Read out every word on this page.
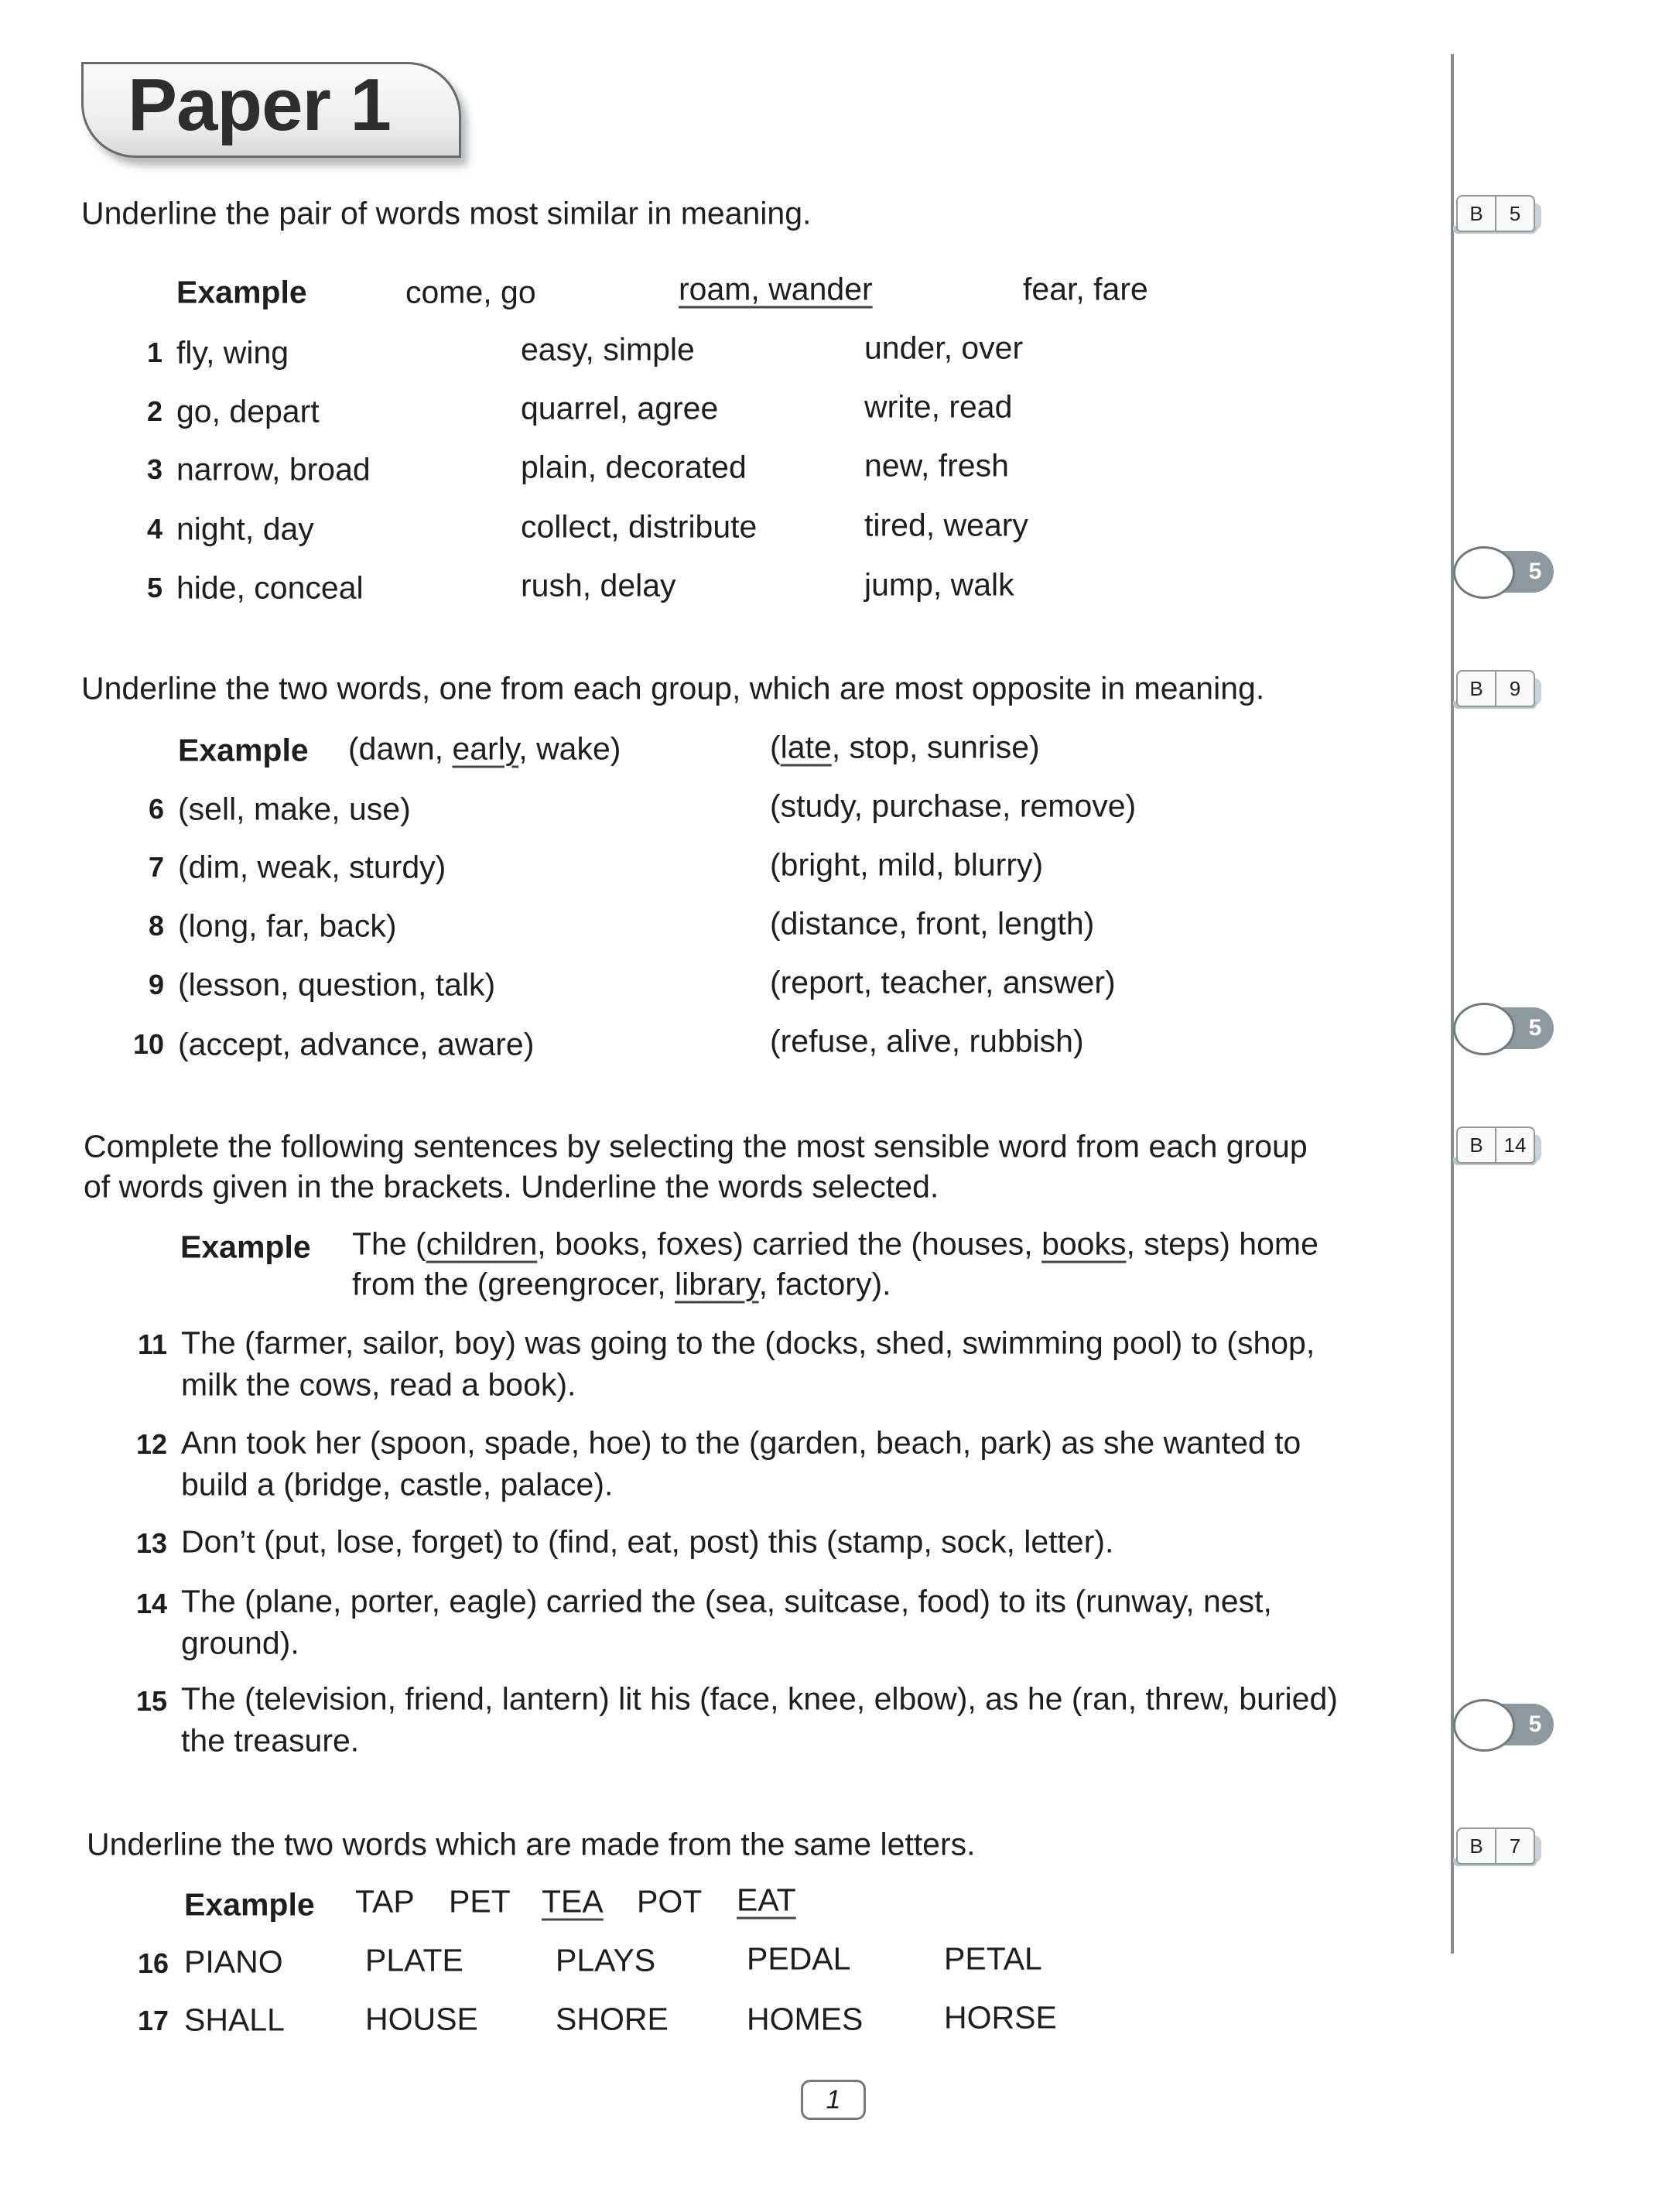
Paper 1
Underline the pair of words most similar in meaning.
Example	come, go	roam, wander	fear, fare
1 fly, wing	easy, simple	under, over
2 go, depart	quarrel, agree	write, read
3 narrow, broad	plain, decorated	new, fresh
4 night, day	collect, distribute	tired, weary
5 hide, conceal	rush, delay	jump, walk
B	5
5
Underline the two words, one from each group, which are most opposite in meaning.
Example (dawn, early, wake)	(late, stop, sunrise)
6 (sell, make, use)	(study, purchase, remove)
7 (dim, weak, sturdy)	(bright, mild, blurry)
8 (long, far, back)	(distance, front, length)
9 (lesson, question, talk)	(report, teacher, answer)
10 (accept, advance, aware)	(refuse, alive, rubbish)
B	9
5
Complete the following sentences by selecting the most sensible word from each group
of words given in the brackets. Underline the words selected.
Example The (children, books, foxes) carried the (houses, books, steps) home
from the (greengrocer, library, factory).
11 The (farmer, sailor, boy) was going to the (docks, shed, swimming pool) to (shop,
milk the cows, read a book).
12 Ann took her (spoon, spade, hoe) to the (garden, beach, park) as she wanted to
build a (bridge, castle, palace).
13 Don’t (put, lose, forget) to (find, eat, post) this (stamp, sock, letter).
14 The (plane, porter, eagle) carried the (sea, suitcase, food) to its (runway, nest,
ground).
15 The (television, friend, lantern) lit his (face, knee, elbow), as he (ran, threw, buried)
the treasure.
B	14
5
Underline the two words which are made from the same letters.
Example TAP PET TEA POT EAT
16 PIANO	PLATE	PLAYS	PEDAL	PETAL
17 SHALL	HOUSE SHORE HOMES	HORSE
B	7
1
